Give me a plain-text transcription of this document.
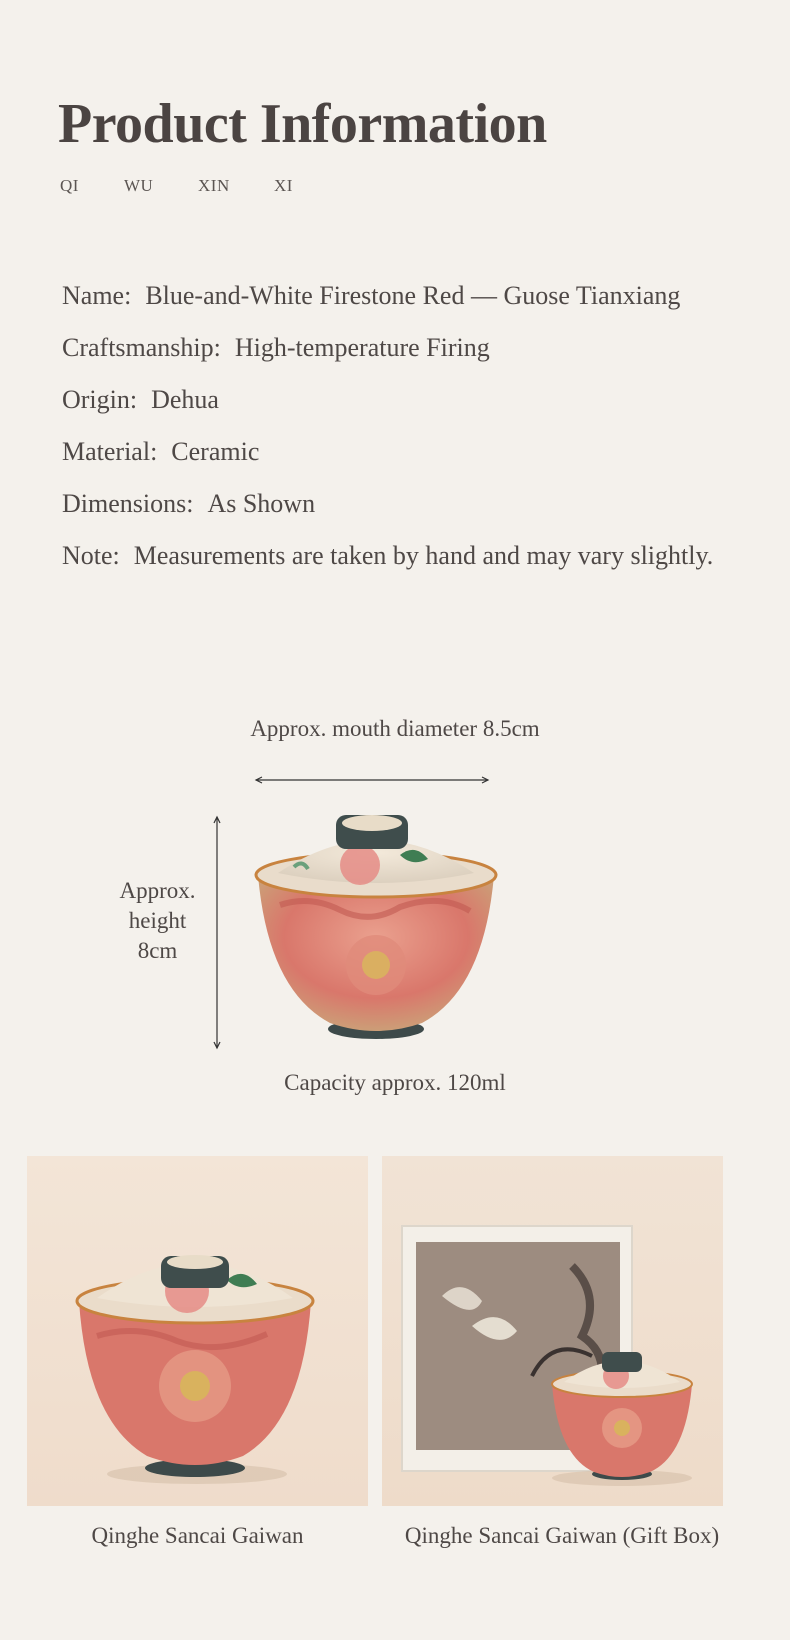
Product Information
QI	WU	XIN	XI
Name: Blue-and-White Firestone Red — Guose Tianxiang
Craftsmanship: High-temperature Firing
Origin: Dehua
Material: Ceramic
Dimensions: As Shown
Note: Measurements are taken by hand and may vary slightly.
Approx. mouth diameter 8.5cm
Approx.
height
8cm
Capacity approx. 120ml
Qinghe Sancai Gaiwan	Qinghe Sancai Gaiwan (Gift Box)
